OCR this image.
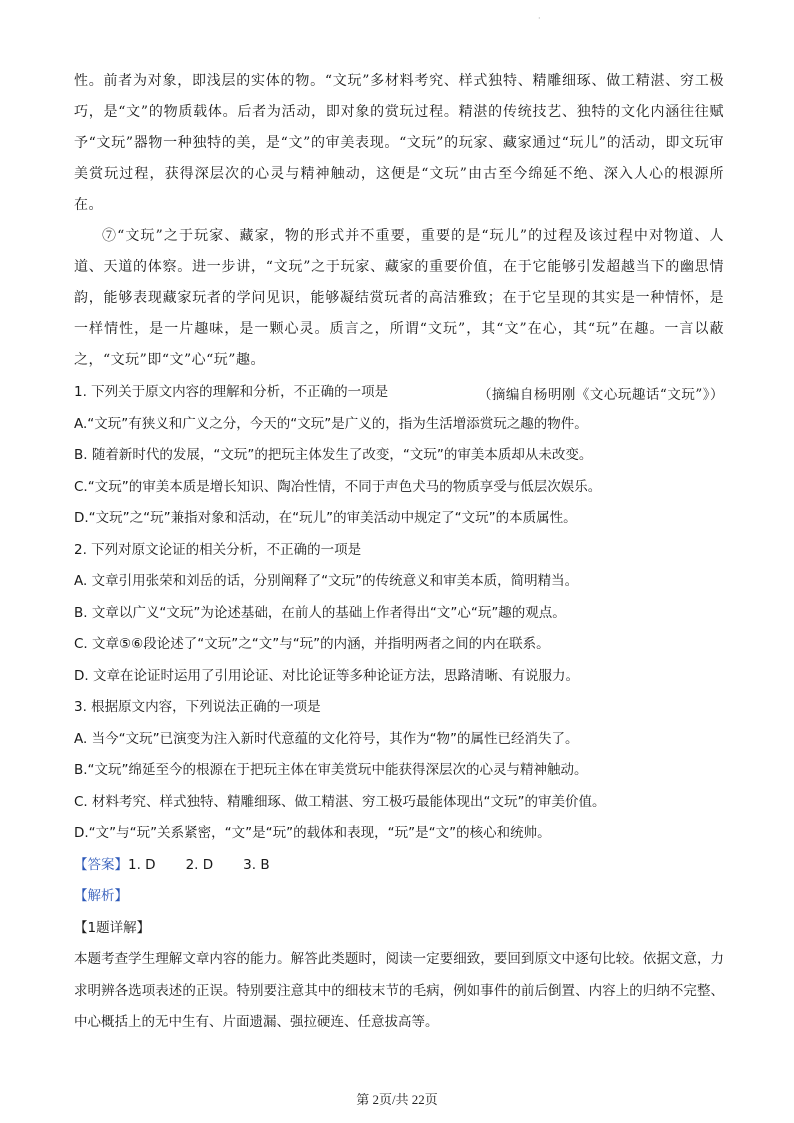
·

性。前者为对象，即浅层的实体的物。“文玩”多材料考究、样式独特、精雕细琢、做工精湛、穷工极巧，是“文”的物质载体。后者为活动，即对象的赏玩过程。精湛的传统技艺、独特的文化内涵往往赋予“文玩”器物一种独特的美，是“文”的审美表现。“文玩”的玩家、藏家通过“玩儿”的活动，即文玩审美赏玩过程，获得深层次的心灵与精神触动，这便是“文玩”由古至今绵延不绝、深入人心的根源所在。

⑦“文玩”之于玩家、藏家，物的形式并不重要，重要的是“玩儿”的过程及该过程中对物道、人道、天道的体察。进一步讲，“文玩”之于玩家、藏家的重要价值，在于它能够引发超越当下的幽思情韵，能够表现藏家玩者的学问见识，能够凝结赏玩者的高洁雅致；在于它呈现的其实是一种情怀，是一样情性，是一片趣味，是一颗心灵。质言之，所谓“文玩”，其“文”在心，其“玩”在趣。一言以蔽之，“文玩”即“文”心“玩”趣。

（摘编自杨明刚《文心玩趣话“文玩”》）
1. 下列关于原文内容的理解和分析，不正确的一项是
A.“文玩”有狭义和广义之分，今天的“文玩”是广义的，指为生活增添赏玩之趣的物件。
B. 随着新时代的发展，“文玩”的把玩主体发生了改变，“文玩”的审美本质却从未改变。
C.“文玩”的审美本质是增长知识、陶冶性情，不同于声色犬马的物质享受与低层次娱乐。
D.“文玩”之“玩”兼指对象和活动，在“玩儿”的审美活动中规定了“文玩”的本质属性。
2. 下列对原文论证的相关分析，不正确的一项是
A. 文章引用张荣和刘岳的话，分别阐释了“文玩”的传统意义和审美本质，简明精当。
B. 文章以广义“文玩”为论述基础，在前人的基础上作者得出“文”心“玩”趣的观点。
C. 文章⑤⑥段论述了“文玩”之“文”与“玩”的内涵，并指明两者之间的内在联系。
D. 文章在论证时运用了引用论证、对比论证等多种论证方法，思路清晰、有说服力。
3. 根据原文内容，下列说法正确的一项是
A. 当今“文玩”已演变为注入新时代意蕴的文化符号，其作为“物”的属性已经消失了。
B.“文玩”绵延至今的根源在于把玩主体在审美赏玩中能获得深层次的心灵与精神触动。
C. 材料考究、样式独特、精雕细琢、做工精湛、穷工极巧最能体现出“文玩”的审美价值。
D.“文”与“玩”关系紧密，“文”是“玩”的载体和表现，“玩”是“文”的核心和统帅。
【答案】1. D 2. D 3. B
【解析】
【1题详解】
本题考查学生理解文章内容的能力。解答此类题时，阅读一定要细致，要回到原文中逐句比较。依据文意，力求明辨各选项表述的正误。特别要注意其中的细枝末节的毛病，例如事件的前后倒置、内容上的归纳不完整、中心概括上的无中生有、片面遗漏、强拉硬连、任意拔高等。
第 2页/共 22页
